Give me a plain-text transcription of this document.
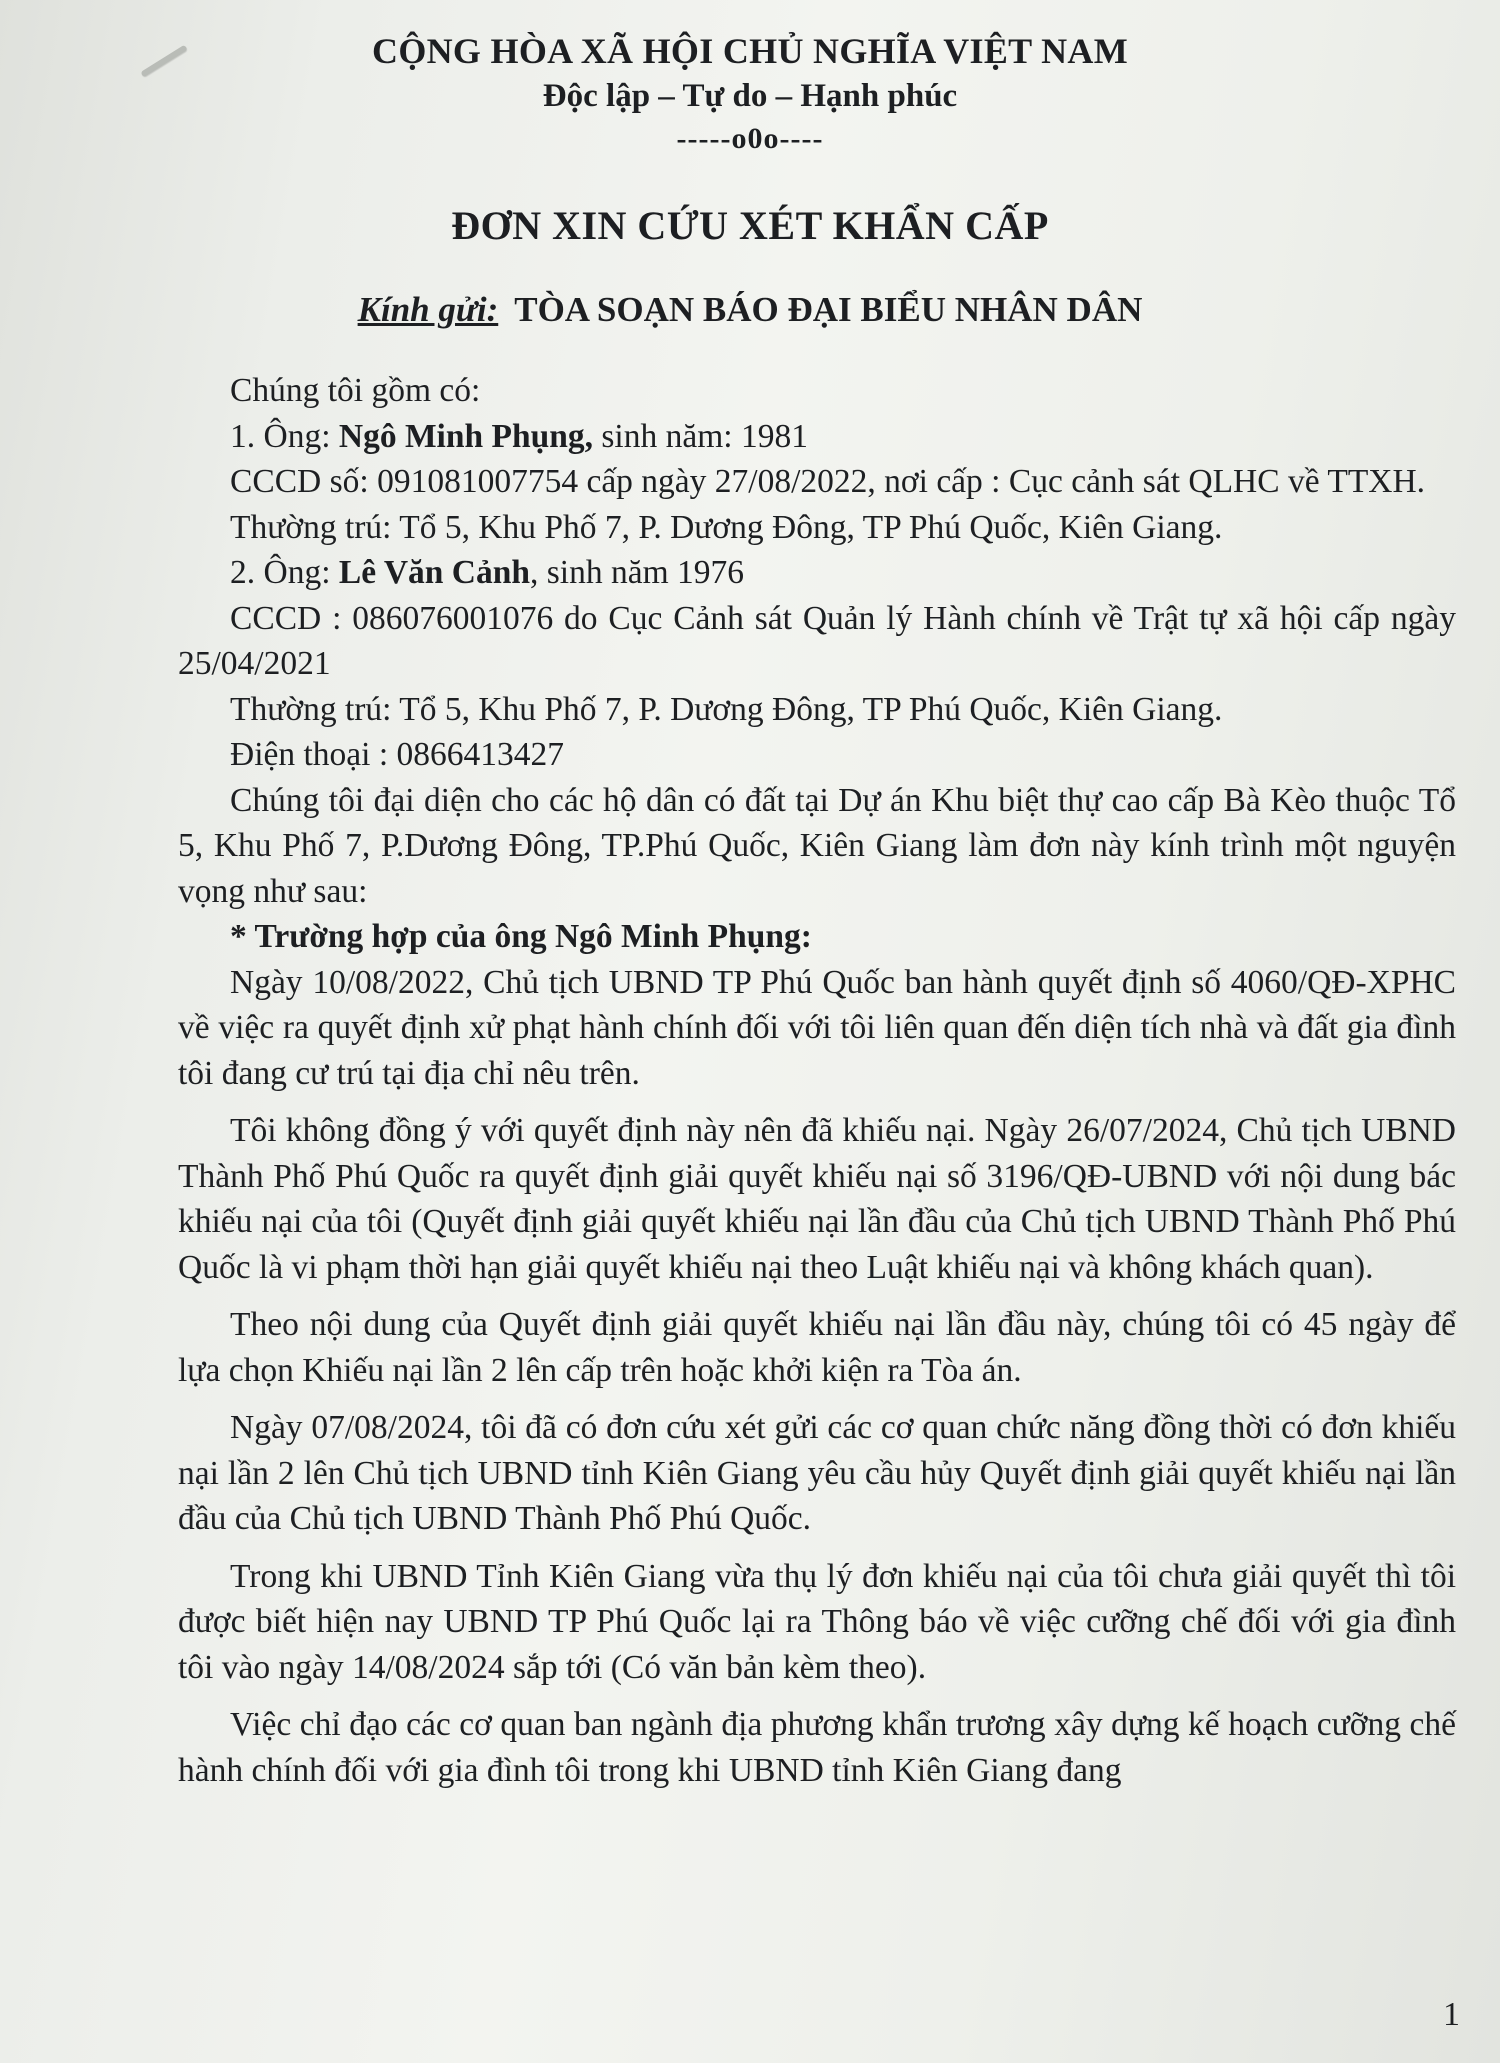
CỘNG HÒA XÃ HỘI CHỦ NGHĨA VIỆT NAM
Độc lập – Tự do – Hạnh phúc
-----o0o----
ĐƠN XIN CỨU XÉT KHẨN CẤP
Kính gửi: TÒA SOẠN BÁO ĐẠI BIỂU NHÂN DÂN

Chúng tôi gồm có:

1. Ông: Ngô Minh Phụng, sinh năm: 1981

CCCD số: 091081007754 cấp ngày 27/08/2022, nơi cấp : Cục cảnh sát QLHC về TTXH.

Thường trú: Tổ 5, Khu Phố 7, P. Dương Đông, TP Phú Quốc, Kiên Giang.

2. Ông: Lê Văn Cảnh, sinh năm 1976

CCCD : 086076001076 do Cục Cảnh sát Quản lý Hành chính về Trật tự xã hội cấp ngày 25/04/2021

Thường trú: Tổ 5, Khu Phố 7, P. Dương Đông, TP Phú Quốc, Kiên Giang.

Điện thoại : 0866413427

Chúng tôi đại diện cho các hộ dân có đất tại Dự án Khu biệt thự cao cấp Bà Kèo thuộc Tổ 5, Khu Phố 7, P.Dương Đông, TP.Phú Quốc, Kiên Giang làm đơn này kính trình một nguyện vọng như sau:

* Trường hợp của ông Ngô Minh Phụng:

Ngày 10/08/2022, Chủ tịch UBND TP Phú Quốc ban hành quyết định số 4060/QĐ-XPHC về việc ra quyết định xử phạt hành chính đối với tôi liên quan đến diện tích nhà và đất gia đình tôi đang cư trú tại địa chỉ nêu trên.

Tôi không đồng ý với quyết định này nên đã khiếu nại. Ngày 26/07/2024, Chủ tịch UBND Thành Phố Phú Quốc ra quyết định giải quyết khiếu nại số 3196/QĐ-UBND với nội dung bác khiếu nại của tôi (Quyết định giải quyết khiếu nại lần đầu của Chủ tịch UBND Thành Phố Phú Quốc là vi phạm thời hạn giải quyết khiếu nại theo Luật khiếu nại và không khách quan).

Theo nội dung của Quyết định giải quyết khiếu nại lần đầu này, chúng tôi có 45 ngày để lựa chọn Khiếu nại lần 2 lên cấp trên hoặc khởi kiện ra Tòa án.

Ngày 07/08/2024, tôi đã có đơn cứu xét gửi các cơ quan chức năng đồng thời có đơn khiếu nại lần 2 lên Chủ tịch UBND tỉnh Kiên Giang yêu cầu hủy Quyết định giải quyết khiếu nại lần đầu của Chủ tịch UBND Thành Phố Phú Quốc.

Trong khi UBND Tỉnh Kiên Giang vừa thụ lý đơn khiếu nại của tôi chưa giải quyết thì tôi được biết hiện nay UBND TP Phú Quốc lại ra Thông báo về việc cưỡng chế đối với gia đình tôi vào ngày 14/08/2024 sắp tới (Có văn bản kèm theo).

Việc chỉ đạo các cơ quan ban ngành địa phương khẩn trương xây dựng kế hoạch cưỡng chế hành chính đối với gia đình tôi trong khi UBND tỉnh Kiên Giang đang

1
